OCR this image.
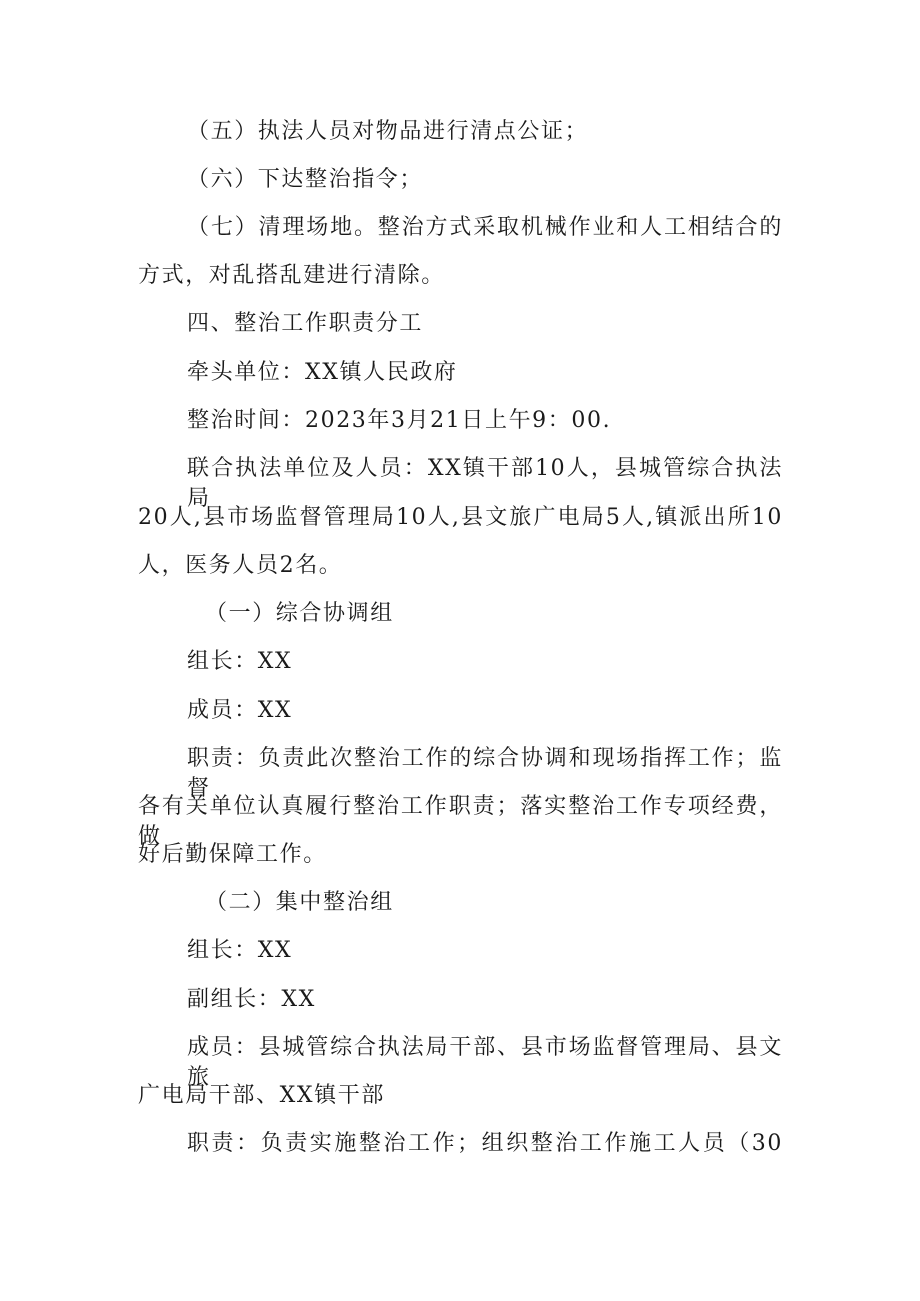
（五）执法人员对物品进行清点公证；

（六）下达整治指令；

（七）清理场地。整治方式采取机械作业和人工相结合的

方式，对乱搭乱建进行清除。

四、整治工作职责分工

牵头单位：XX镇人民政府

整治时间：2023年3月21日上午9：00.

联合执法单位及人员：XX镇干部10人，县城管综合执法局

20人,县市场监督管理局10人,县文旅广电局5人,镇派出所10

人，医务人员2名。

（一）综合协调组

组长：XX

成员：XX

职责：负责此次整治工作的综合协调和现场指挥工作；监督

各有关单位认真履行整治工作职责；落实整治工作专项经费，做

好后勤保障工作。

（二）集中整治组

组长：XX

副组长：XX

成员：县城管综合执法局干部、县市场监督管理局、县文旅

广电局干部、XX镇干部

职责：负责实施整治工作；组织整治工作施工人员（30
